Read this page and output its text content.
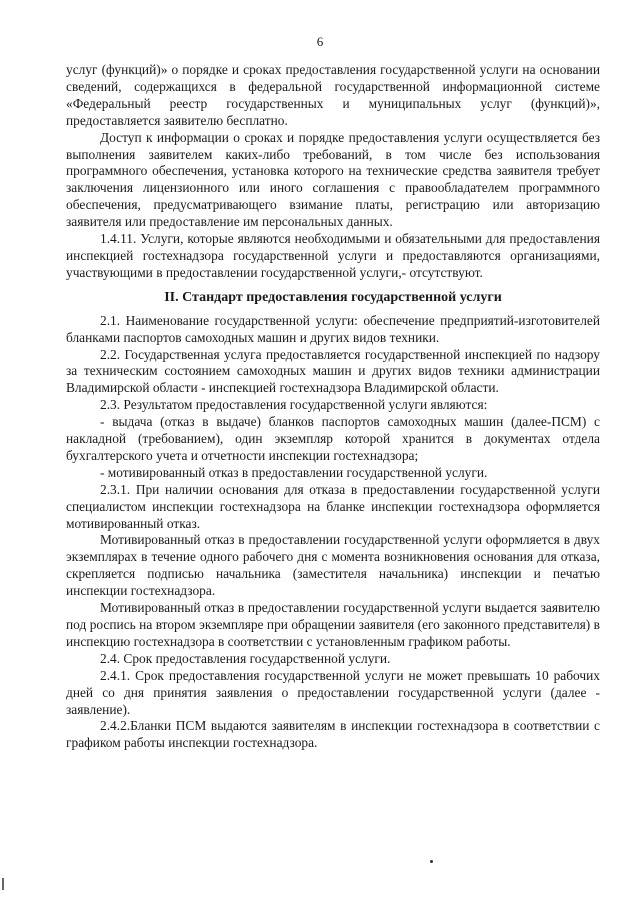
6

услуг (функций)» о порядке и сроках предоставления государственной услуги на основании сведений, содержащихся в федеральной государственной информационной системе «Федеральный реестр государственных и муниципальных услуг (функций)», предоставляется заявителю бесплатно.

Доступ к информации о сроках и порядке предоставления услуги осуществляется без выполнения заявителем каких-либо требований, в том числе без использования программного обеспечения, установка которого на технические средства заявителя требует заключения лицензионного или иного соглашения с правообладателем программного обеспечения, предусматривающего взимание платы, регистрацию или авторизацию заявителя или предоставление им персональных данных.

1.4.11. Услуги, которые являются необходимыми и обязательными для предоставления инспекцией гостехнадзора государственной услуги и предоставляются организациями, участвующими в предоставлении государственной услуги,- отсутствуют.

II. Стандарт предоставления государственной услуги

2.1. Наименование государственной услуги: обеспечение предприятий-изготовителей бланками паспортов самоходных машин и других видов техники.

2.2. Государственная услуга предоставляется государственной инспекцией по надзору за техническим состоянием самоходных машин и других видов техники администрации Владимирской области - инспекцией гостехнадзора Владимирской области.

2.3. Результатом предоставления государственной услуги являются:

- выдача (отказ в выдаче) бланков паспортов самоходных машин (далее-ПСМ) с накладной (требованием), один экземпляр которой хранится в документах отдела бухгалтерского учета и отчетности инспекции гостехнадзора;

- мотивированный отказ в предоставлении государственной услуги.

2.3.1. При наличии основания для отказа в предоставлении государственной услуги специалистом инспекции гостехнадзора на бланке инспекции гостехнадзора оформляется мотивированный отказ.

Мотивированный отказ в предоставлении государственной услуги оформляется в двух экземплярах в течение одного рабочего дня с момента возникновения основания для отказа, скрепляется подписью начальника (заместителя начальника) инспекции и печатью инспекции гостехнадзора.

Мотивированный отказ в предоставлении государственной услуги выдается заявителю под роспись на втором экземпляре при обращении заявителя (его законного представителя) в инспекцию гостехнадзора в соответствии с установленным графиком работы.

2.4. Срок предоставления государственной услуги.

2.4.1. Срок предоставления государственной услуги не может превышать 10 рабочих дней со дня принятия заявления о предоставлении государственной услуги (далее - заявление).

2.4.2.Бланки ПСМ выдаются заявителям в инспекции гостехнадзора в соответствии с графиком работы инспекции гостехнадзора.
